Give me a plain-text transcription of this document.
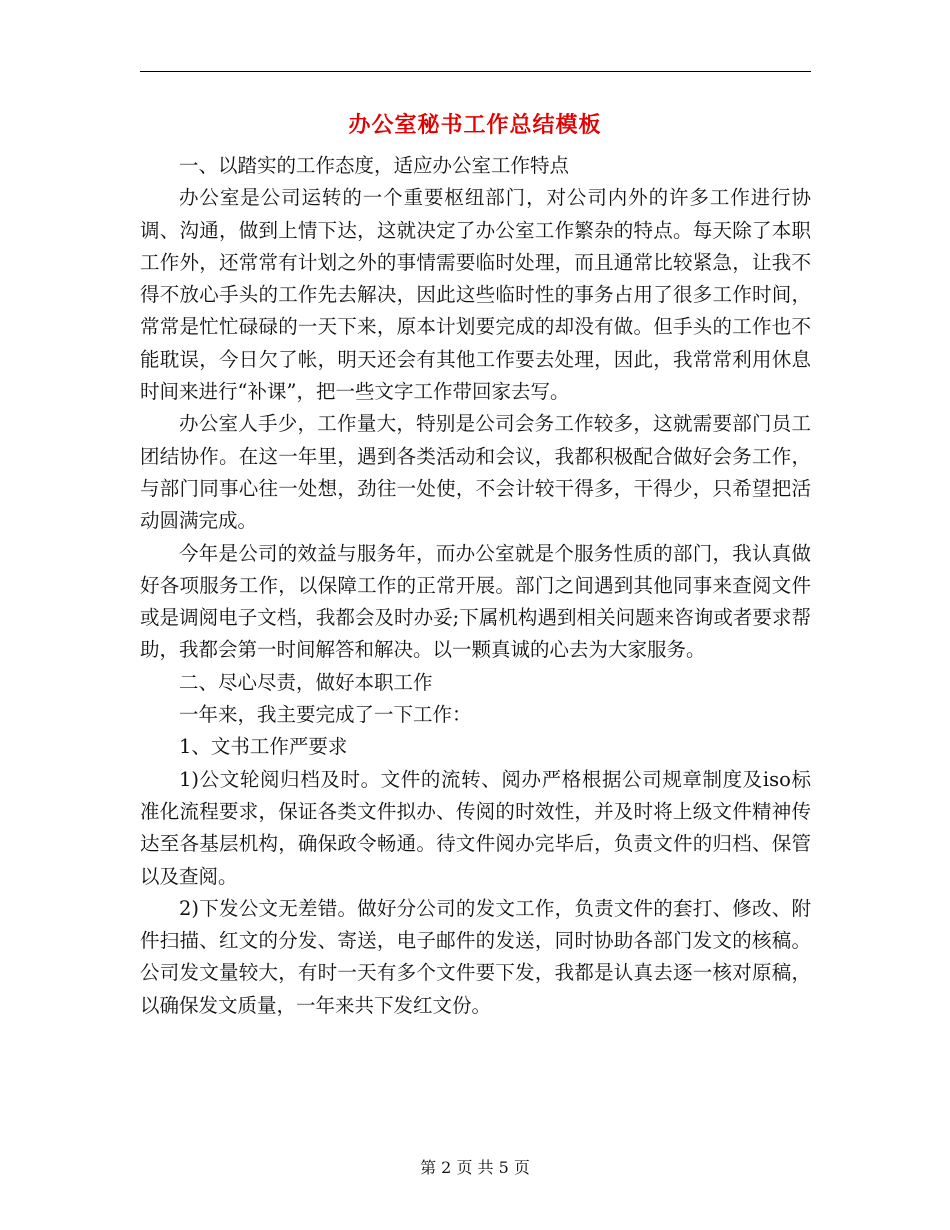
办公室秘书工作总结模板

一、以踏实的工作态度，适应办公室工作特点

办公室是公司运转的一个重要枢纽部门，对公司内外的许多工作进行协调、沟通，做到上情下达，这就决定了办公室工作繁杂的特点。每天除了本职工作外，还常常有计划之外的事情需要临时处理，而且通常比较紧急，让我不得不放心手头的工作先去解决，因此这些临时性的事务占用了很多工作时间，常常是忙忙碌碌的一天下来，原本计划要完成的却没有做。但手头的工作也不能耽误，今日欠了帐，明天还会有其他工作要去处理，因此，我常常利用休息时间来进行“补课”，把一些文字工作带回家去写。

办公室人手少，工作量大，特别是公司会务工作较多，这就需要部门员工团结协作。在这一年里，遇到各类活动和会议，我都积极配合做好会务工作，与部门同事心往一处想，劲往一处使，不会计较干得多，干得少，只希望把活动圆满完成。

今年是公司的效益与服务年，而办公室就是个服务性质的部门，我认真做好各项服务工作，以保障工作的正常开展。部门之间遇到其他同事来查阅文件或是调阅电子文档，我都会及时办妥;下属机构遇到相关问题来咨询或者要求帮助，我都会第一时间解答和解决。以一颗真诚的心去为大家服务。

二、尽心尽责，做好本职工作

一年来，我主要完成了一下工作：

1、文书工作严要求

1)公文轮阅归档及时。文件的流转、阅办严格根据公司规章制度及iso标准化流程要求，保证各类文件拟办、传阅的时效性，并及时将上级文件精神传达至各基层机构，确保政令畅通。待文件阅办完毕后，负责文件的归档、保管以及查阅。

2)下发公文无差错。做好分公司的发文工作，负责文件的套打、修改、附件扫描、红文的分发、寄送，电子邮件的发送，同时协助各部门发文的核稿。公司发文量较大，有时一天有多个文件要下发，我都是认真去逐一核对原稿，以确保发文质量，一年来共下发红文份。

第 2 页 共 5 页
